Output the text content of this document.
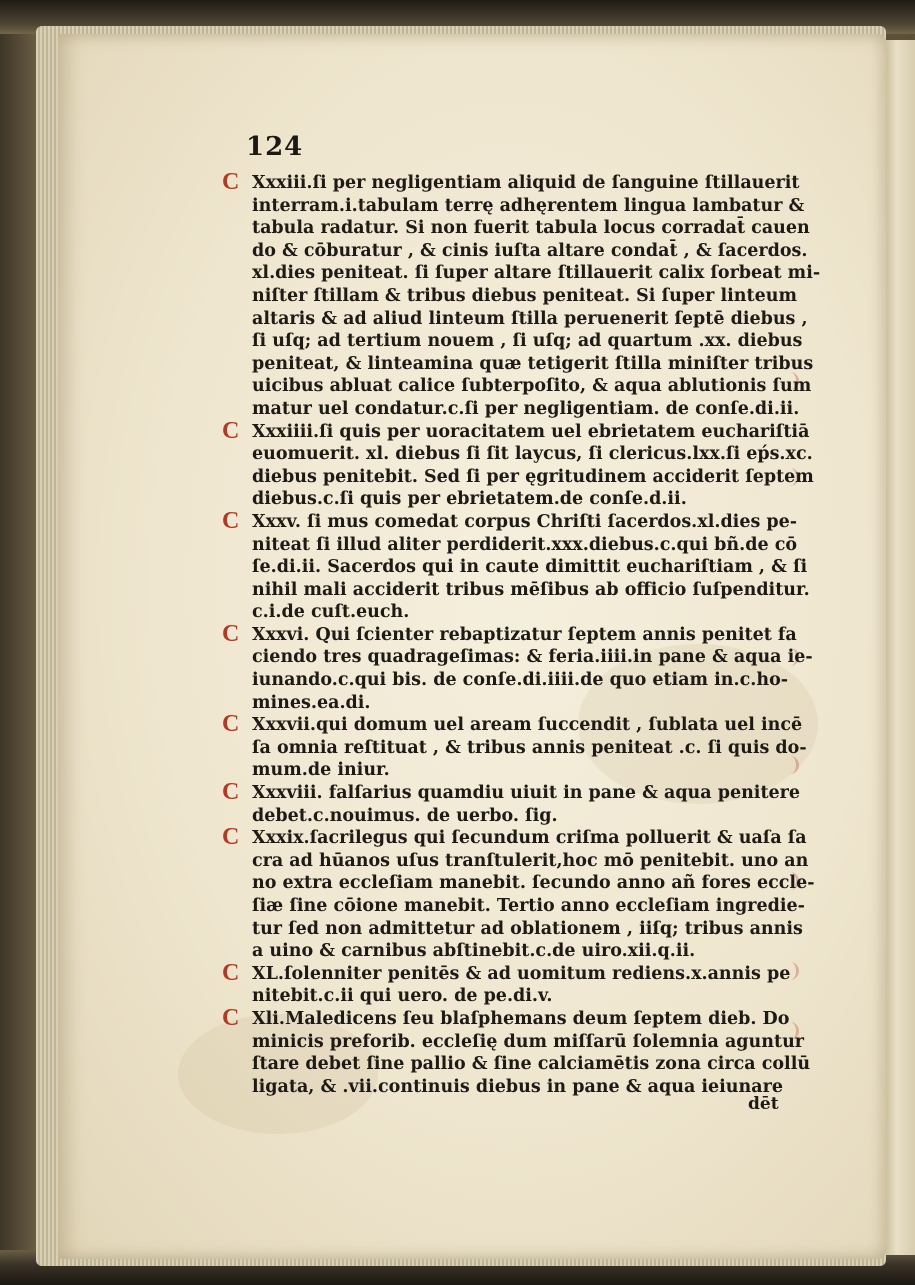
124
C Xxxiii.ſi per negligentiam aliquid de ſanguine ſtillauerit
interram.i.tabulam terrę adhęrentem lingua lambatur &
tabula radatur. Si non fuerit tabula locus corradat̄ cauen
do & cōburatur , & cinis iuſta altare condat̄ , & ſacerdos.
xl.dies peniteat. ſi ſuper altare ſtillauerit calix ſorbeat mi-
niſter ſtillam & tribus diebus peniteat. Si ſuper linteum
altaris & ad aliud linteum ſtilla peruenerit ſeptē diebus ,
ſi uſq; ad tertium nouem , ſi uſq; ad quartum .xx. diebus
peniteat, & linteamina quæ tetigerit ſtilla miniſter tribus
uicibus abluat calice ſubterpoſito, & aqua ablutionis ſum
matur uel condatur.c.ſi per negligentiam. de conſe.di.ii.
C Xxxiiii.ſi quis per uoracitatem uel ebrietatem euchariſtiā
euomuerit. xl. diebus ſi ſit laycus, ſi clericus.lxx.ſi eṕs.xc.
diebus penitebit. Sed ſi per ęgritudinem acciderit ſeptem
diebus.c.ſi quis per ebrietatem.de conſe.d.ii.
C Xxxv. ſi mus comedat corpus Chriſti ſacerdos.xl.dies pe-
niteat ſi illud aliter perdiderit.xxx.diebus.c.qui bñ.de cō
ſe.di.ii. Sacerdos qui in caute dimittit euchariſtiam , & ſi
nihil mali acciderit tribus mēſibus ab officio ſuſpenditur.
c.i.de cuſt.euch.
C Xxxvi. Qui ſcienter rebaptizatur ſeptem annis penitet fa
ciendo tres quadrageſimas: & feria.iiii.in pane & aqua ie-
iunando.c.qui bis. de conſe.di.iiii.de quo etiam in.c.ho-
mines.ea.di.
C Xxxvii.qui domum uel aream ſuccendit , ſublata uel incē
ſa omnia reſtituat , & tribus annis peniteat .c. ſi quis do-
mum.de iniur.
C Xxxviii. falſarius quamdiu uiuit in pane & aqua penitere
debet.c.nouimus. de uerbo. ſig.
C Xxxix.ſacrilegus qui ſecundum criſma polluerit & uaſa ſa
cra ad hūanos uſus tranſtulerit,hoc mō penitebit. uno an
no extra eccleſiam manebit. ſecundo anno añ fores eccle-
ſiæ ſine cōione manebit. Tertio anno eccleſiam ingredie-
tur ſed non admittetur ad oblationem , iiſq; tribus annis
a uino & carnibus abſtinebit.c.de uiro.xii.q.ii.
C XL.ſolenniter penitēs & ad uomitum rediens.x.annis pe
nitebit.c.ii qui uero. de pe.di.v.
C Xli.Maledicens ſeu blaſphemans deum ſeptem dieb. Do
minicis preforib. eccleſię dum miſſarū ſolemnia aguntur
ſtare debet ſine pallio & ſine calciamētis zona circa collū
ligata, & .vii.continuis diebus in pane & aqua ieiunare
dēt
